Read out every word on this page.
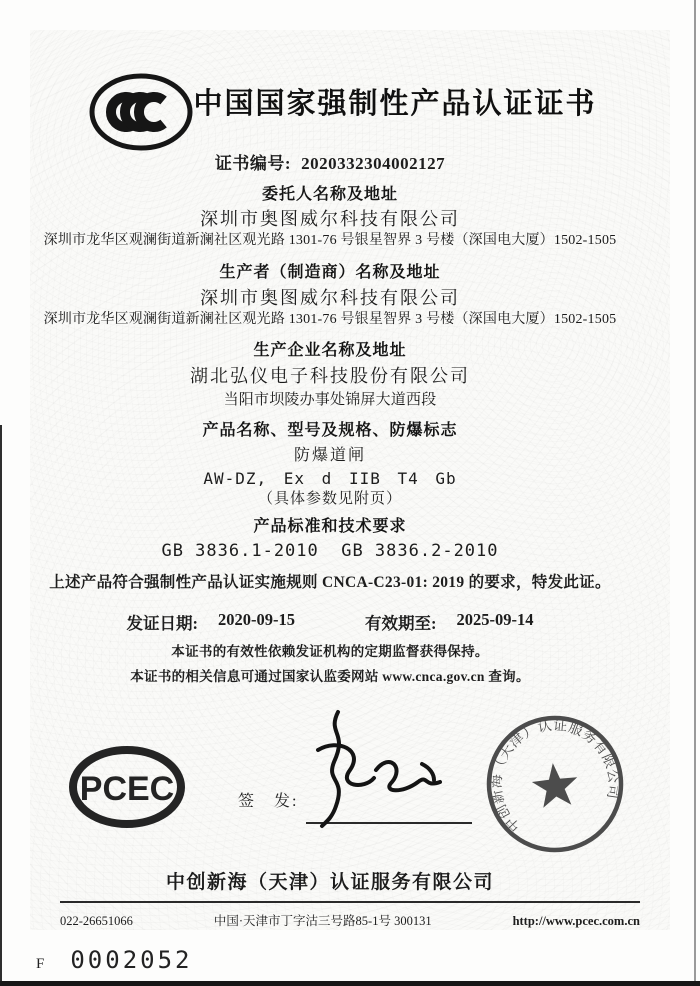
中国国家强制性产品认证证书
证书编号: 2020332304002127
委托人名称及地址
深圳市奥图威尔科技有限公司
深圳市龙华区观澜街道新澜社区观光路 1301-76 号银星智界 3 号楼（深国电大厦）1502-1505
生产者（制造商）名称及地址
深圳市奥图威尔科技有限公司
深圳市龙华区观澜街道新澜社区观光路 1301-76 号银星智界 3 号楼（深国电大厦）1502-1505
生产企业名称及地址
湖北弘仪电子科技股份有限公司
当阳市坝陵办事处锦屏大道西段
产品名称、型号及规格、防爆标志
防爆道闸
AW-DZ, Ex d IIB T4 Gb
（具体参数见附页）
产品标准和技术要求
GB 3836.1-2010  GB 3836.2-2010
上述产品符合强制性产品认证实施规则 CNCA-C23-01: 2019 的要求，特发此证。
发证日期: 2020-09-15	有效期至: 2025-09-14
本证书的有效性依赖发证机构的定期监督获得保持。
本证书的相关信息可通过国家认监委网站 www.cnca.gov.cn 查询。
PCEC	签　发:
中创新海（天津）认证服务有限公司
中创新海（天津）认证服务有限公司
022-26651066	中国·天津市丁字沽三号路85-1号 300131	http://www.pcec.com.cn
F 0002052
